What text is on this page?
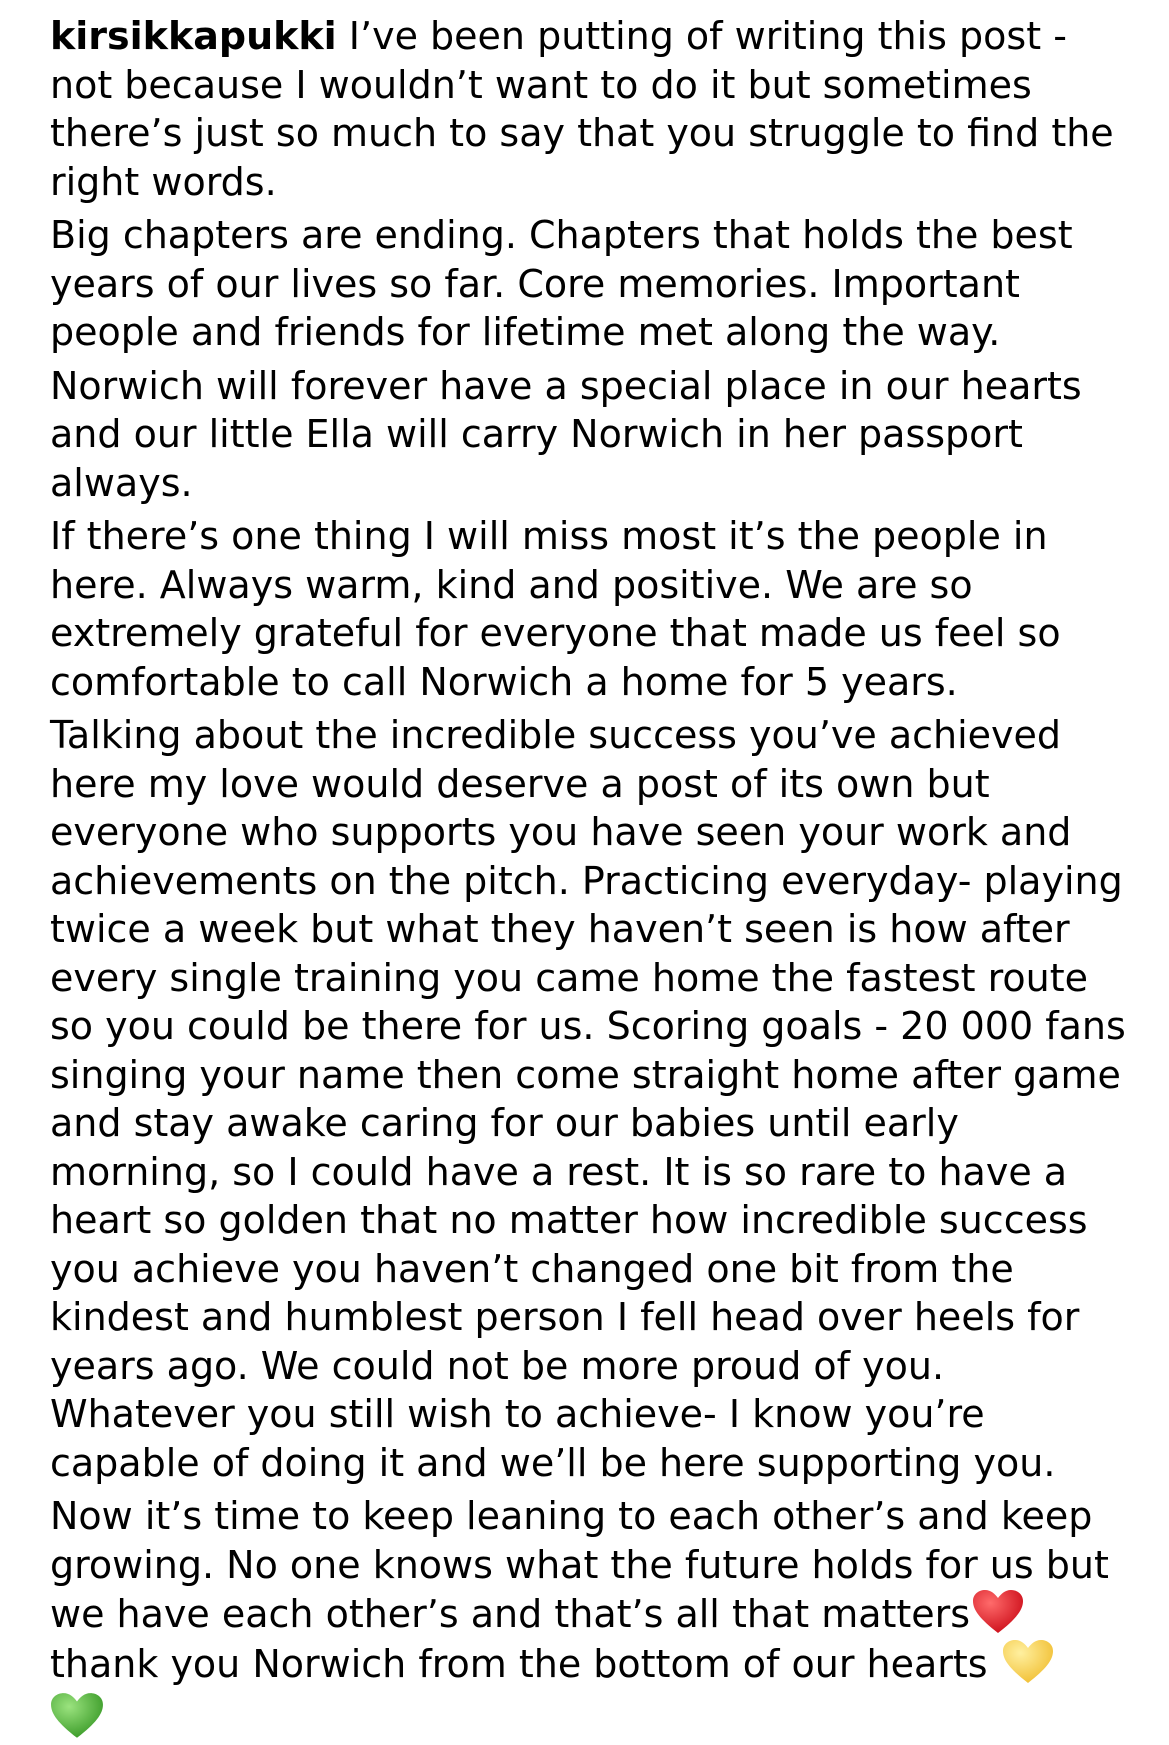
kirsikkapukki I’ve been putting of writing this post - not because I wouldn’t want to do it but sometimes there’s just so much to say that you struggle to find the right words.

Big chapters are ending. Chapters that holds the best years of our lives so far. Core memories. Important people and friends for lifetime met along the way.

Norwich will forever have a special place in our hearts and our little Ella will carry Norwich in her passport always.

If there’s one thing I will miss most it’s the people in here. Always warm, kind and positive. We are so extremely grateful for everyone that made us feel so comfortable to call Norwich a home for 5 years.

Talking about the incredible success you’ve achieved here my love would deserve a post of its own but everyone who supports you have seen your work and achievements on the pitch. Practicing everyday- playing twice a week but what they haven’t seen is how after every single training you came home the fastest route so you could be there for us. Scoring goals - 20 000 fans singing your name then come straight home after game and stay awake caring for our babies until early morning, so I could have a rest. It is so rare to have a heart so golden that no matter how incredible success you achieve you haven’t changed one bit from the kindest and humblest person I fell head over heels for years ago. We could not be more proud of you. Whatever you still wish to achieve- I know you’re capable of doing it and we’ll be here supporting you.

Now it’s time to keep leaning to each other’s and keep growing. No one knows what the future holds for us but we have each other’s and that’s all that matters

thank you Norwich from the bottom of our hearts
